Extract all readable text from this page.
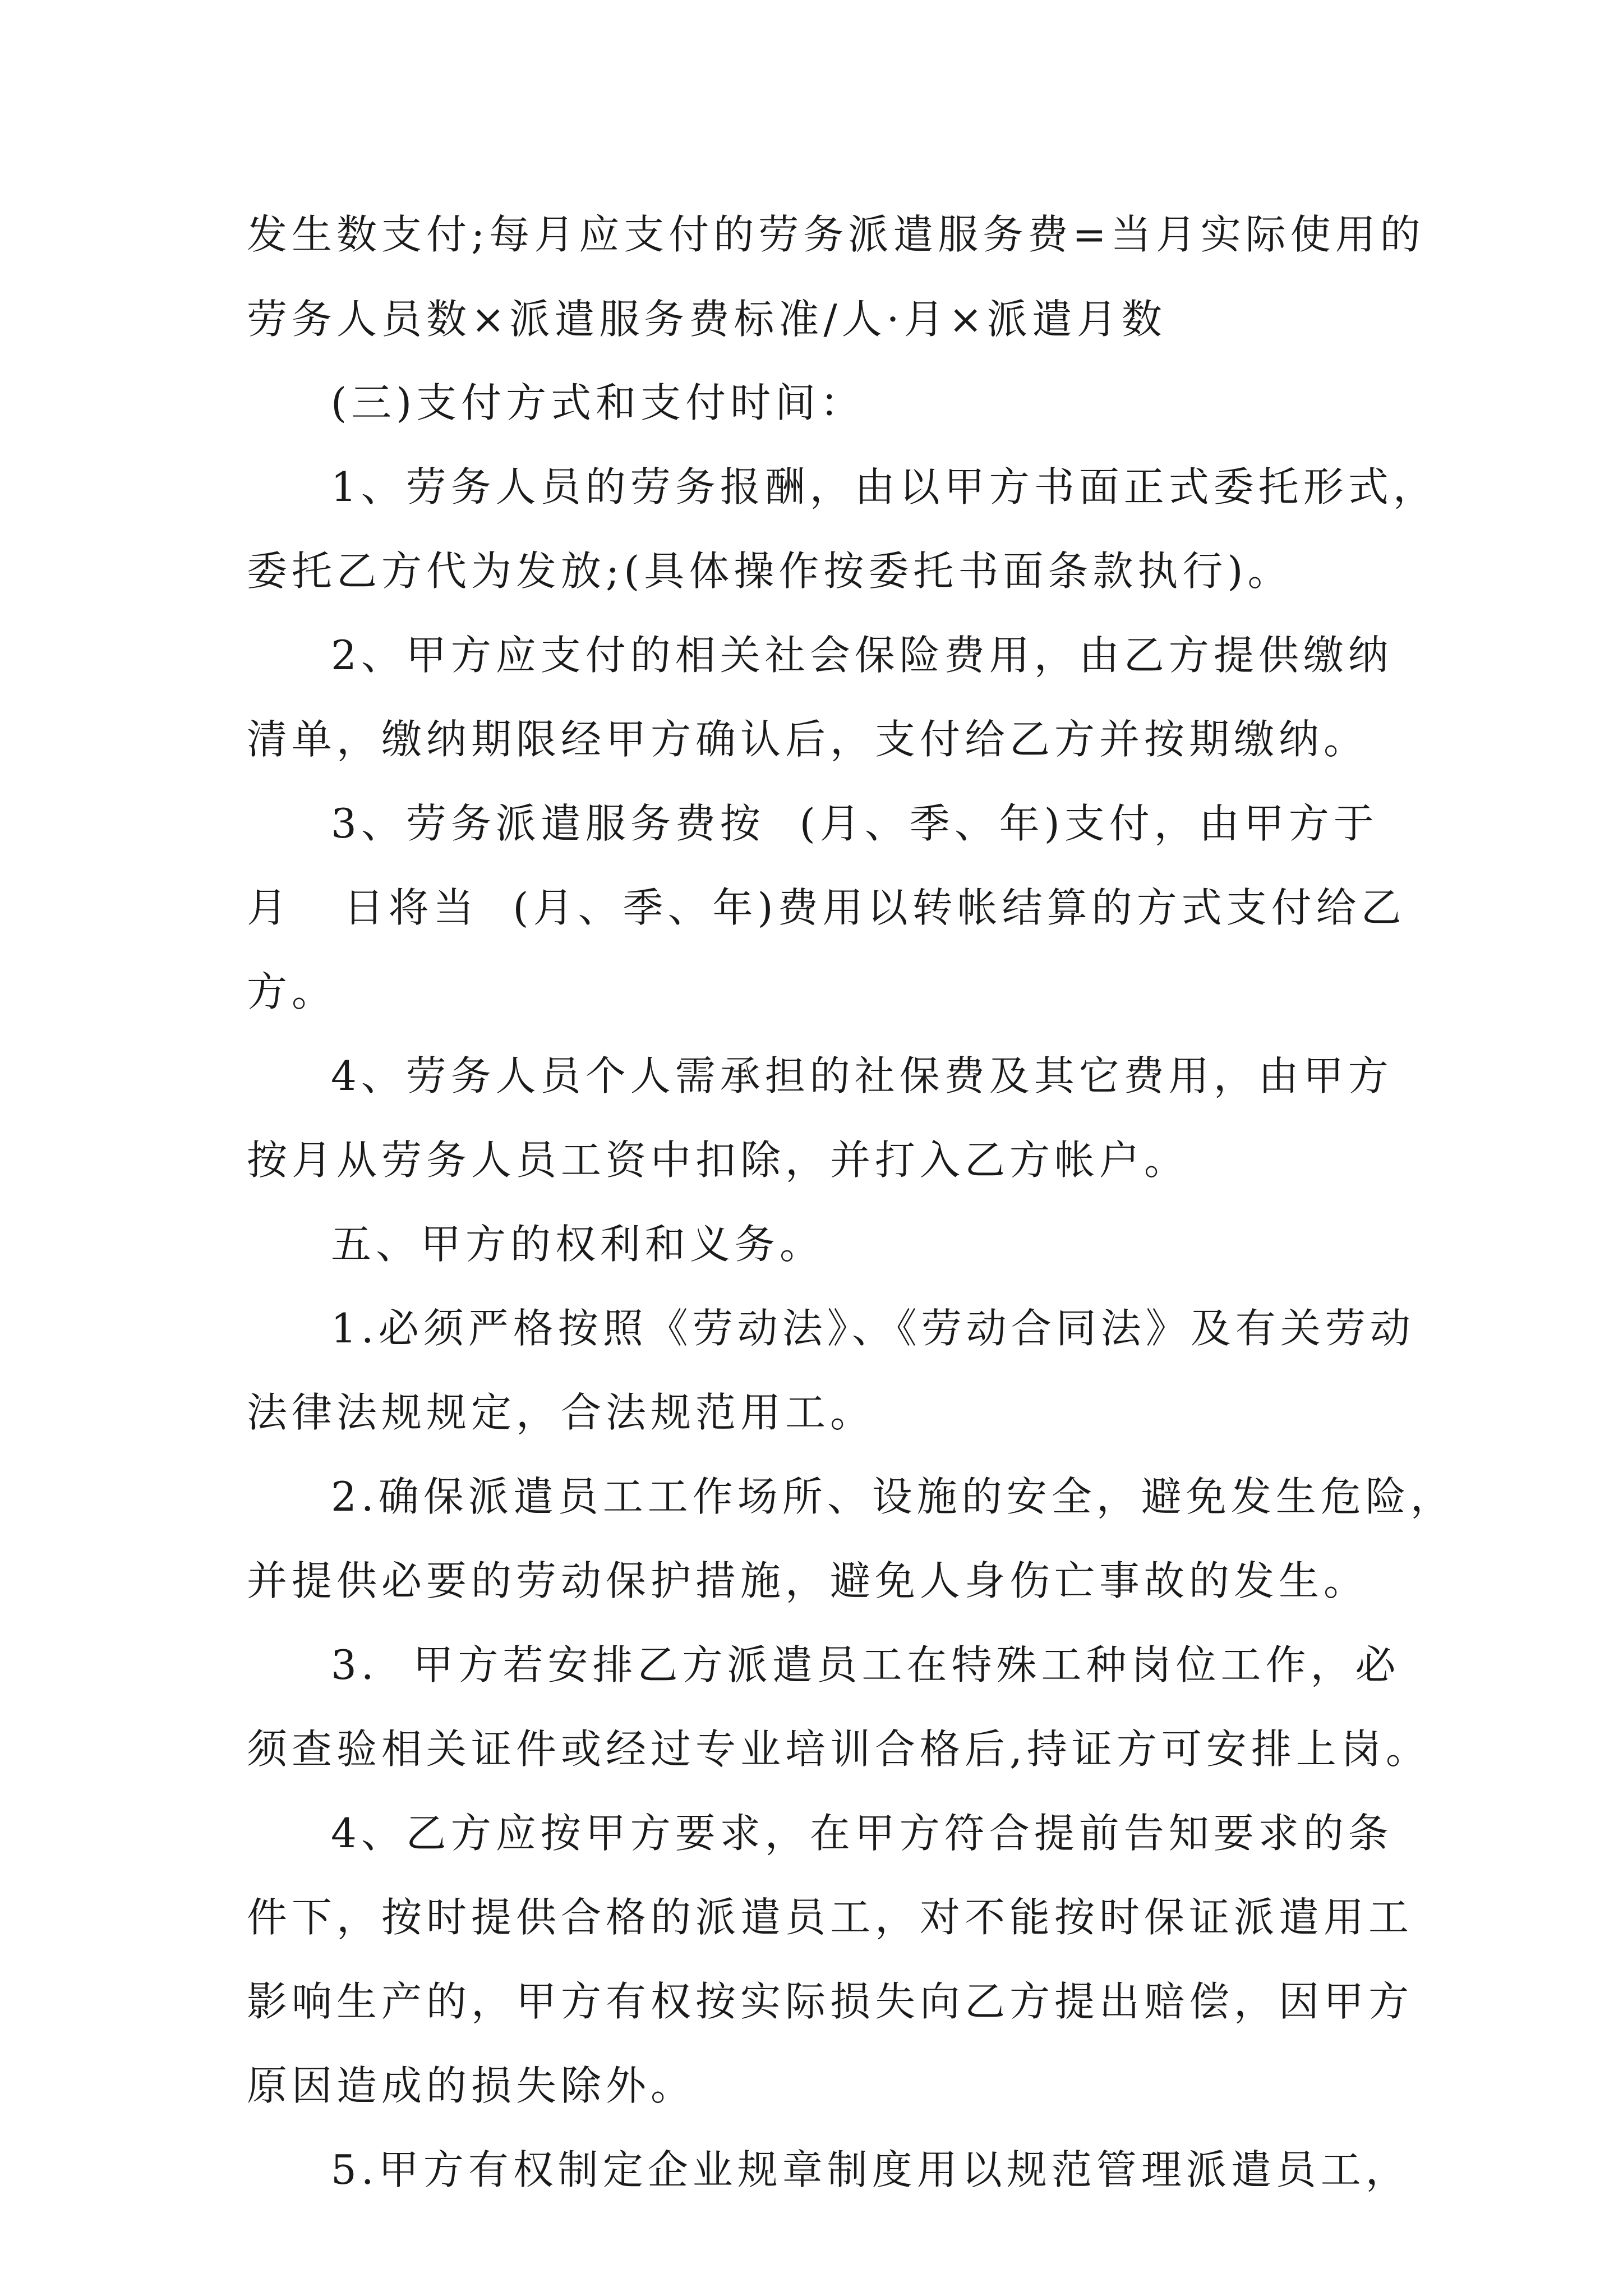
发生数支付;每月应支付的劳务派遣服务费=当月实际使用的
劳务人员数×派遣服务费标准/人·月×派遣月数
(三)支付方式和支付时间：
1、劳务人员的劳务报酬，由以甲方书面正式委托形式，
委托乙方代为发放;(具体操作按委托书面条款执行)。
2、甲方应支付的相关社会保险费用，由乙方提供缴纳
清单，缴纳期限经甲方确认后，支付给乙方并按期缴纳。
3、劳务派遣服务费按  (月、季、年)支付，由甲方于
月   日将当  (月、季、年)费用以转帐结算的方式支付给乙
方。
4、劳务人员个人需承担的社保费及其它费用，由甲方
按月从劳务人员工资中扣除，并打入乙方帐户。
五、甲方的权利和义务。
1.必须严格按照《劳动法》、《劳动合同法》及有关劳动
法律法规规定，合法规范用工。
2.确保派遣员工工作场所、设施的安全，避免发生危险，
并提供必要的劳动保护措施，避免人身伤亡事故的发生。
3.  甲方若安排乙方派遣员工在特殊工种岗位工作，必
须查验相关证件或经过专业培训合格后,持证方可安排上岗。
4、乙方应按甲方要求，在甲方符合提前告知要求的条
件下，按时提供合格的派遣员工，对不能按时保证派遣用工
影响生产的，甲方有权按实际损失向乙方提出赔偿，因甲方
原因造成的损失除外。
5.甲方有权制定企业规章制度用以规范管理派遣员工，
